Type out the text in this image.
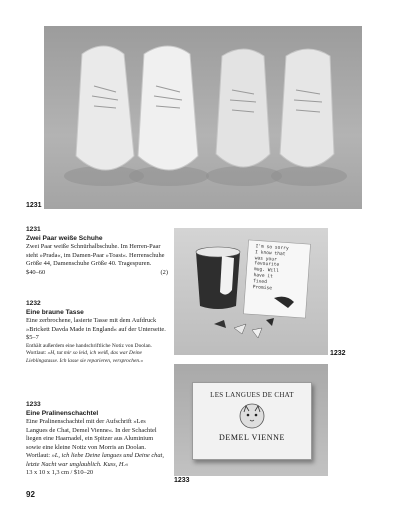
1231

1231

Zwei Paar weiße Schuhe

Zwei Paar weiße Schnürhalbschuhe. Im Herren-Paar steht »Prada«, im Damen-Paar »Toast«. Herrenschuhe Größe 44, Damenschuhe Größe 40. Tragespuren.

$40–60	(2)

1232

Eine braune Tasse

Eine zerbrochene, lasierte Tasse mit dem Aufdruck »Brickett Davda Made in England« auf der Unterseite.

$5–7

Enthält außerdem eine handschriftliche Notiz von Doolan. Wortlaut: »H, tut mir so leid, ich weiß, das war Deine Lieblingstasse. Ich lasse sie reparieren, versprochen.«

1233

Eine Pralinenschachtel

Eine Pralinenschachtel mit der Aufschrift »Les Langues de Chat, Demel Vienne«. In der Schachtel liegen eine Haarnadel, ein Spitzer aus Aluminium sowie eine kleine Notiz von Morris an Doolan. Wortlaut: »L, ich liebe Deine langues und Deine chat, letzte Nacht war unglaublich. Kuss, H.«

13 x 10 x 1,3 cm / $10–20

I'm so sorry
I know that
was your
favourite
mug. Will
have it
fixed
Promise
1232
LES LANGUES DE CHAT
DEMEL VIENNE
1233
92
